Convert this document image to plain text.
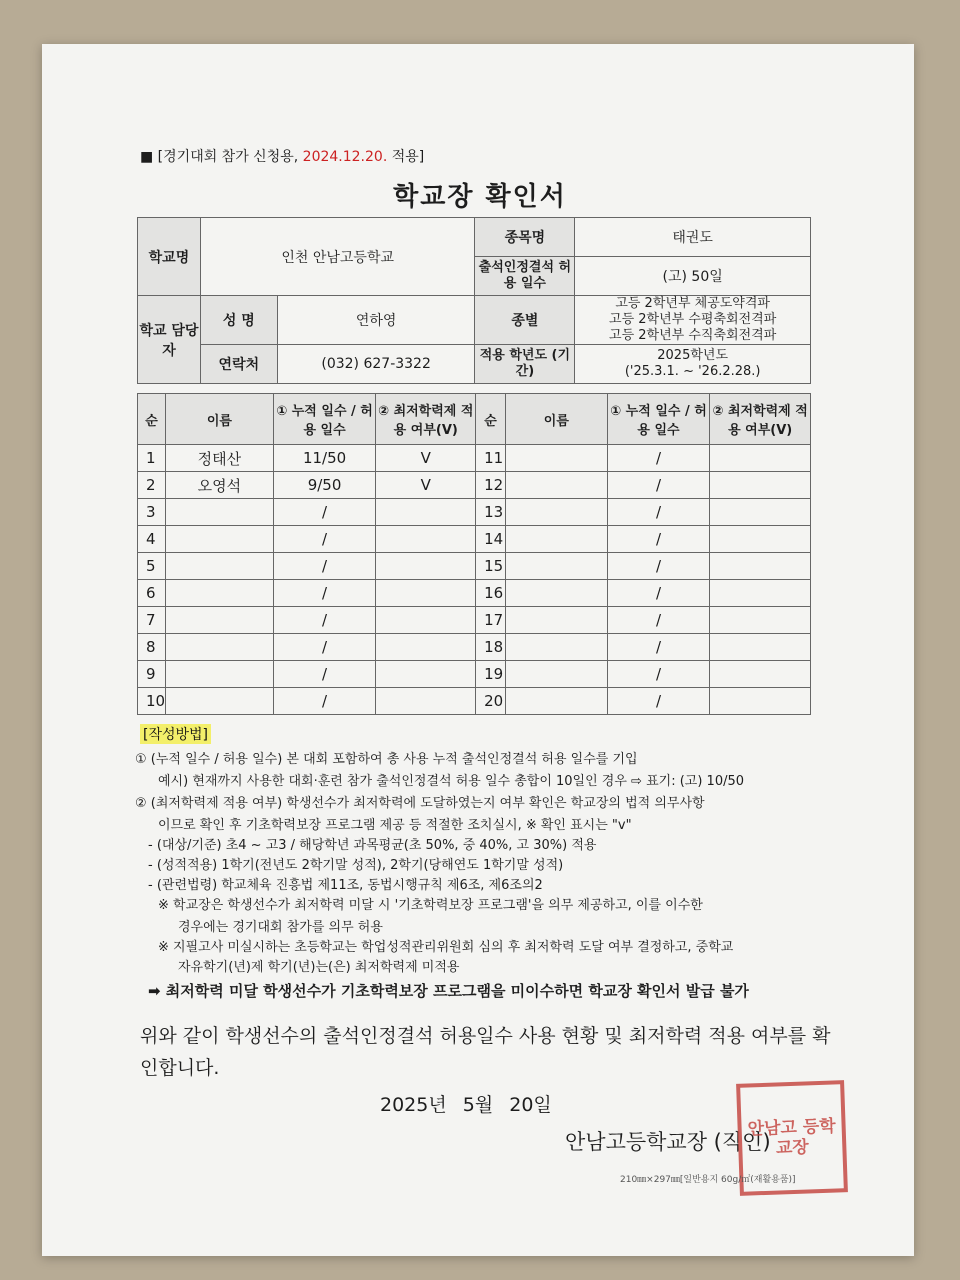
■ [경기대회 참가 신청용, 2024.12.20. 적용]
학교장 확인서
학교명	인천 안남고등학교		종목명	태권도
			출석인정결석 허용 일수	(고) 50일
학교 담당자	성 명	연하영	종별	고등 2학년부 체공도약격파
고등 2학년부 수평축회전격파
고등 2학년부 수직축회전격파

	연락처	(032) 627-3322	적용 학년도 (기간)	2025학년도
('25.3.1. ~ '26.2.28.)
순	이름	① 누적 일수 / 허용 일수	② 최저학력제 적용 여부(V)	순	이름	① 누적 일수 / 허용 일수	② 최저학력제 적용 여부(V)
1	정태산	11/50	V	11		/	
2	오영석	9/50	V	12		/	
3		/		13		/	
4		/		14		/	
5		/		15		/	
6		/		16		/	
7		/		17		/	
8		/		18		/	
9		/		19		/	
10		/		20		/	
[작성방법]
① (누적 일수 / 허용 일수) 본 대회 포함하여 총 사용 누적 출석인정결석 허용 일수를 기입
예시) 현재까지 사용한 대회·훈련 참가 출석인정결석 허용 일수 총합이 10일인 경우 ⇨ 표기: (고) 10/50
② (최저학력제 적용 여부) 학생선수가 최저학력에 도달하였는지 여부 확인은 학교장의 법적 의무사항
이므로 확인 후 기초학력보장 프로그램 제공 등 적절한 조치실시, ※ 확인 표시는 "v"
- (대상/기준) 초4 ~ 고3 / 해당학년 과목평균(초 50%, 중 40%, 고 30%) 적용
- (성적적용) 1학기(전년도 2학기말 성적), 2학기(당해연도 1학기말 성적)
- (관련법령) 학교체육 진흥법 제11조, 동법시행규칙 제6조, 제6조의2
※ 학교장은 학생선수가 최저학력 미달 시 '기초학력보장 프로그램'을 의무 제공하고, 이를 이수한
경우에는 경기대회 참가를 의무 허용
※ 지필고사 미실시하는 초등학교는 학업성적관리위원회 심의 후 최저학력 도달 여부 결정하고, 중학교
자유학기(년)제 학기(년)는(은) 최저학력제 미적용
➡ 최저학력 미달 학생선수가 기초학력보장 프로그램을 미이수하면 학교장 확인서 발급 불가
위와 같이 학생선수의 출석인정결석 허용일수 사용 현황 및 최저학력 적용 여부를 확인합니다.
2025년 5월 20일
안남고등학교장 (직인)
안남고 등학 교장
210㎜×297㎜[일반용지 60g/㎡(재활용품)]
